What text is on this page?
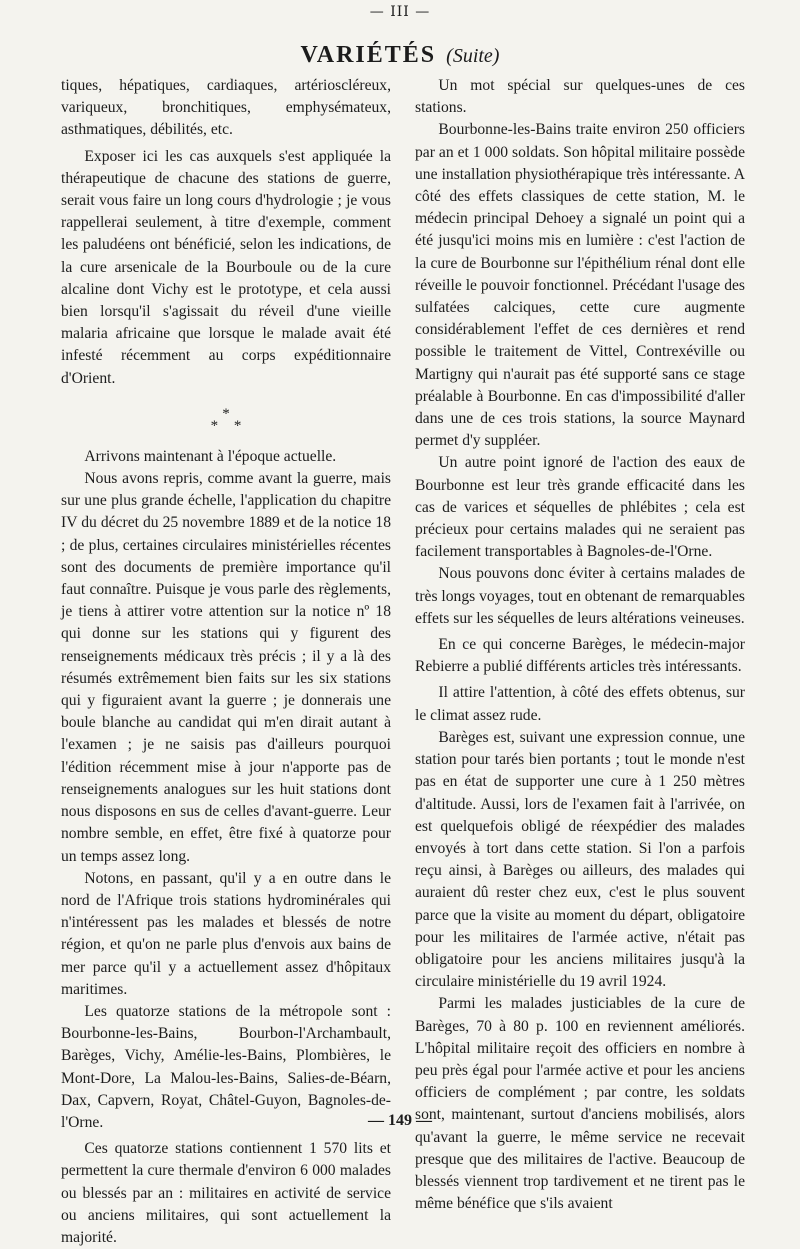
— III —
VARIÉTÉS (Suite)

tiques, hépatiques, cardiaques, artérioscléreux, variqueux, bronchitiques, emphysémateux, asthmatiques, débilités, etc.

Exposer ici les cas auxquels s'est appliquée la thérapeutique de chacune des stations de guerre, serait vous faire un long cours d'hydrologie ; je vous rappellerai seulement, à titre d'exemple, comment les paludéens ont bénéficié, selon les indications, de la cure arsenicale de la Bourboule ou de la cure alcaline dont Vichy est le prototype, et cela aussi bien lorsqu'il s'agissait du réveil d'une vieille malaria africaine que lorsque le malade avait été infesté récemment au corps expéditionnaire d'Orient.

*
* *

Arrivons maintenant à l'époque actuelle.

Nous avons repris, comme avant la guerre, mais sur une plus grande échelle, l'application du chapitre IV du décret du 25 novembre 1889 et de la notice 18 ; de plus, certaines circulaires ministérielles récentes sont des documents de première importance qu'il faut connaître. Puisque je vous parle des règlements, je tiens à attirer votre attention sur la notice nº 18 qui donne sur les stations qui y figurent des renseignements médicaux très précis ; il y a là des résumés extrêmement bien faits sur les six stations qui y figuraient avant la guerre ; je donnerais une boule blanche au candidat qui m'en dirait autant à l'examen ; je ne saisis pas d'ailleurs pourquoi l'édition récemment mise à jour n'apporte pas de renseignements analogues sur les huit stations dont nous disposons en sus de celles d'avant-guerre. Leur nombre semble, en effet, être fixé à quatorze pour un temps assez long.

Notons, en passant, qu'il y a en outre dans le nord de l'Afrique trois stations hydrominérales qui n'intéressent pas les malades et blessés de notre région, et qu'on ne parle plus d'envois aux bains de mer parce qu'il y a actuellement assez d'hôpitaux maritimes.

Les quatorze stations de la métropole sont : Bourbonne-les-Bains, Bourbon-l'Archambault, Barèges, Vichy, Amélie-les-Bains, Plombières, le Mont-Dore, La Malou-les-Bains, Salies-de-Béarn, Dax, Capvern, Royat, Châtel-Guyon, Bagnoles-de-l'Orne.

Ces quatorze stations contiennent 1 570 lits et permettent la cure thermale d'environ 6 000 malades ou blessés par an : militaires en activité de service ou anciens militaires, qui sont actuellement la majorité.

Un mot spécial sur quelques-unes de ces stations.

Bourbonne-les-Bains traite environ 250 officiers par an et 1 000 soldats. Son hôpital militaire possède une installation physiothérapique très intéressante. A côté des effets classiques de cette station, M. le médecin principal Dehoey a signalé un point qui a été jusqu'ici moins mis en lumière : c'est l'action de la cure de Bourbonne sur l'épithélium rénal dont elle réveille le pouvoir fonctionnel. Précédant l'usage des sulfatées calciques, cette cure augmente considérablement l'effet de ces dernières et rend possible le traitement de Vittel, Contrexéville ou Martigny qui n'aurait pas été supporté sans ce stage préalable à Bourbonne. En cas d'impossibilité d'aller dans une de ces trois stations, la source Maynard permet d'y suppléer.

Un autre point ignoré de l'action des eaux de Bourbonne est leur très grande efficacité dans les cas de varices et séquelles de phlébites ; cela est précieux pour certains malades qui ne seraient pas facilement transportables à Bagnoles-de-l'Orne.

Nous pouvons donc éviter à certains malades de très longs voyages, tout en obtenant de remarquables effets sur les séquelles de leurs altérations veineuses.

En ce qui concerne Barèges, le médecin-major Rebierre a publié différents articles très intéressants.

Il attire l'attention, à côté des effets obtenus, sur le climat assez rude.

Barèges est, suivant une expression connue, une station pour tarés bien portants ; tout le monde n'est pas en état de supporter une cure à 1 250 mètres d'altitude. Aussi, lors de l'examen fait à l'arrivée, on est quelquefois obligé de réexpédier des malades envoyés à tort dans cette station. Si l'on a parfois reçu ainsi, à Barèges ou ailleurs, des malades qui auraient dû rester chez eux, c'est le plus souvent parce que la visite au moment du départ, obligatoire pour les militaires de l'armée active, n'était pas obligatoire pour les anciens militaires jusqu'à la circulaire ministérielle du 19 avril 1924.

Parmi les malades justiciables de la cure de Barèges, 70 à 80 p. 100 en reviennent améliorés. L'hôpital militaire reçoit des officiers en nombre à peu près égal pour l'armée active et pour les anciens officiers de complément ; par contre, les soldats sont, maintenant, surtout d'anciens mobilisés, alors qu'avant la guerre, le même service ne recevait presque que des militaires de l'active. Beaucoup de blessés viennent trop tardivement et ne tirent pas le même bénéfice que s'ils avaient

— 149 —
